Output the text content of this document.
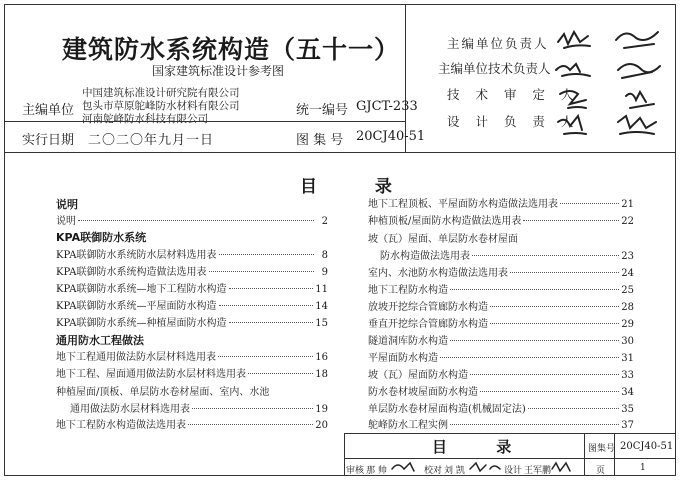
建筑防水系统构造（五十一）
国家建筑标准设计参考图
主编单位
中国建筑标准设计研究院有限公司
包头市草原鸵峰防水材料有限公司
河南鸵峰防水科技有限公司
统一编号 GJCT-233
实行日期 二〇二〇年九月一日	图 集 号 20CJ40-51
主编单位负责人
主编单位技术负责人
技 术 审 定 人
设 计 负 责 人
目 录
说明
说明	2
KPA联御防水系统
KPA联御防水系统防水层材料选用表	8
KPA联御防水系统构造做法选用表	9
KPA联御防水系统—地下工程防水构造	11
KPA联御防水系统—平屋面防水构造	14
KPA联御防水系统—种植屋面防水构造	15
通用防水工程做法
地下工程通用做法防水层材料选用表	16
地下工程、屋面通用做法防水层材料选用表	18
种植屋面/顶板、单层防水卷材屋面、室内、水池
通用做法防水层材料选用表	19
地下工程防水构造做法选用表	20
地下工程顶板、平屋面防水构造做法选用表	21
种植顶板/屋面防水构造做法选用表	22
坡（瓦）屋面、单层防水卷材屋面
防水构造做法选用表	23
室内、水池防水构造做法选用表	24
地下工程防水构造	25
放坡开挖综合管廊防水构造	28
垂直开挖综合管廊防水构造	29
隧道洞库防水构造	30
平屋面防水构造	31
坡（瓦）屋面防水构造	33
防水卷材坡屋面防水构造	34
单层防水卷材屋面构造(机械固定法)	35
鸵峰防水工程实例	37
目 录	图集号 20CJ40-51
审核 那 帅	校对 刘 凯	设计 王军鹏	页	1
